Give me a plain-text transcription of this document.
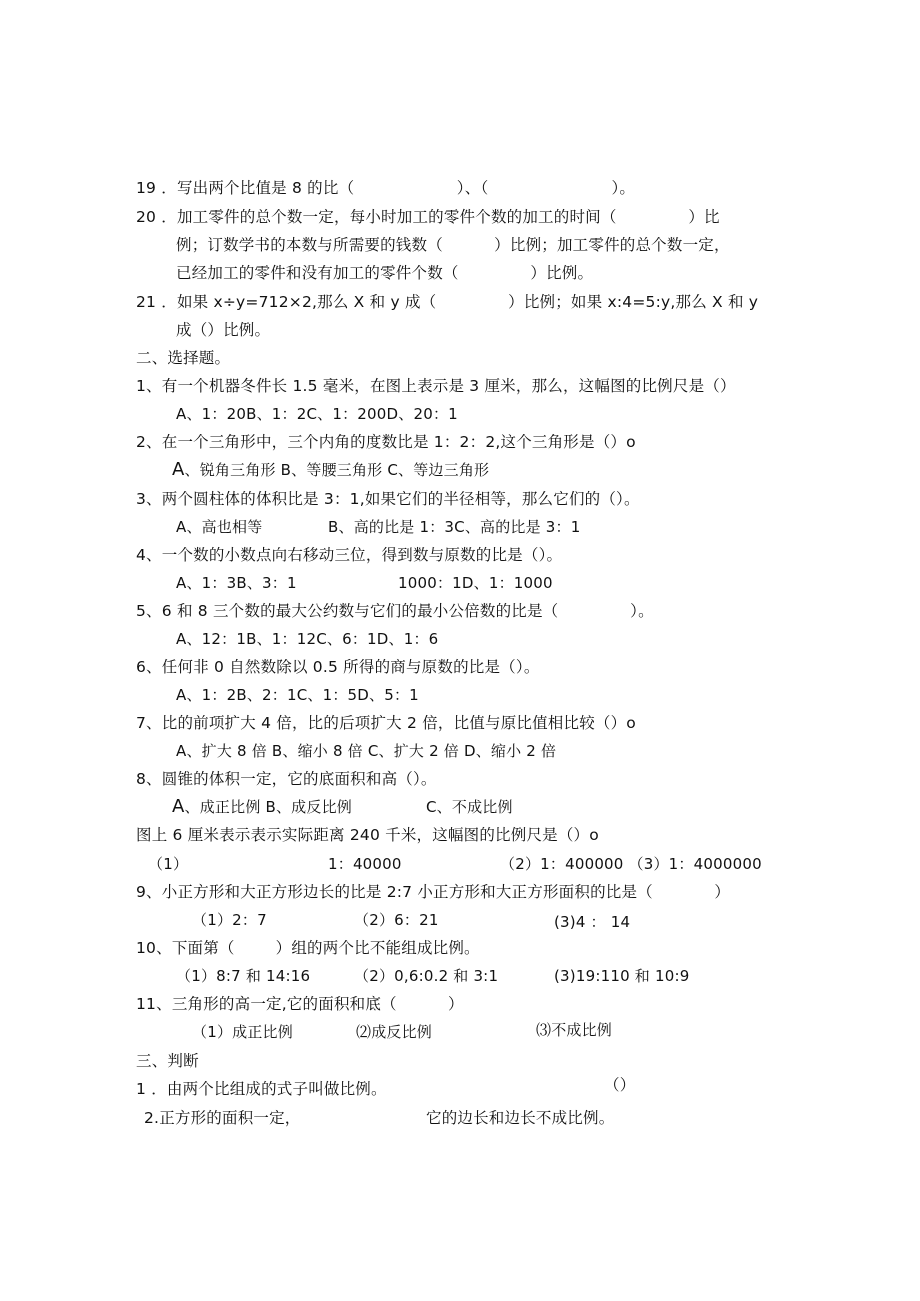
19 ．写出两个比值是 8 的比（                    ）、（                        ）。
20 ．加工零件的总个数一定，每小时加工的零件个数的加工的时间（              ）比
例；订数学书的本数与所需要的钱数（          ）比例；加工零件的总个数一定，
已经加工的零件和没有加工的零件个数（              ）比例。
21 ．如果 x÷y=712×2,那么 X 和 y 成（              ）比例；如果 x:4=5:y,那么 X 和 y
成（）比例。
二、选择题。
1、有一个机器冬件长 1.5 毫米，在图上表示是 3 厘米，那么，这幅图的比例尺是（）
A、1：20B、1：2C、1：200D、20：1
2、在一个三角形中，三个内角的度数比是 1：2：2,这个三角形是（）o
A、锐角三角形 B、等腰三角形 C、等边三角形
3、两个圆柱体的体积比是 3：1,如果它们的半径相等，那么它们的（）。
A、高也相等	B、高的比是 1：3C、高的比是 3：1
4、一个数的小数点向右移动三位，得到数与原数的比是（）。
A、1：3B、3：1	1000：1D、1：1000
5、6 和 8 三个数的最大公约数与它们的最小公倍数的比是（              ）。
A、12：1B、1：12C、6：1D、1：6
6、任何非 0 自然数除以 0.5 所得的商与原数的比是（）。
A、1：2B、2：1C、1：5D、5：1
7、比的前项扩大 4 倍，比的后项扩大 2 倍，比值与原比值相比较（）o
A、扩大 8 倍 B、缩小 8 倍 C、扩大 2 倍 D、缩小 2 倍
8、圆锥的体积一定，它的底面积和高（）。
A、成正比例 B、成反比例	C、不成比例
图上 6 厘米表示表示实际距离 240 千米，这幅图的比例尺是（）o
（1）	1：40000	（2）1：400000 （3）1：4000000
9、小正方形和大正方形边长的比是 2:7 小正方形和大正方形面积的比是（            ）
（1）2：7	（2）6：21	(3)4 ： 14
10、下面第（        ）组的两个比不能组成比例。
（1）8:7 和 14:16	（2）0,6:0.2 和 3:1	(3)19:110 和 10:9
11、三角形的高一定,它的面积和底（          ）
（1）成正比例	⑵成反比例	⑶不成比例
三、判断
1 ．由两个比组成的式子叫做比例。	（）
2.正方形的面积一定，	它的边长和边长不成比例。
